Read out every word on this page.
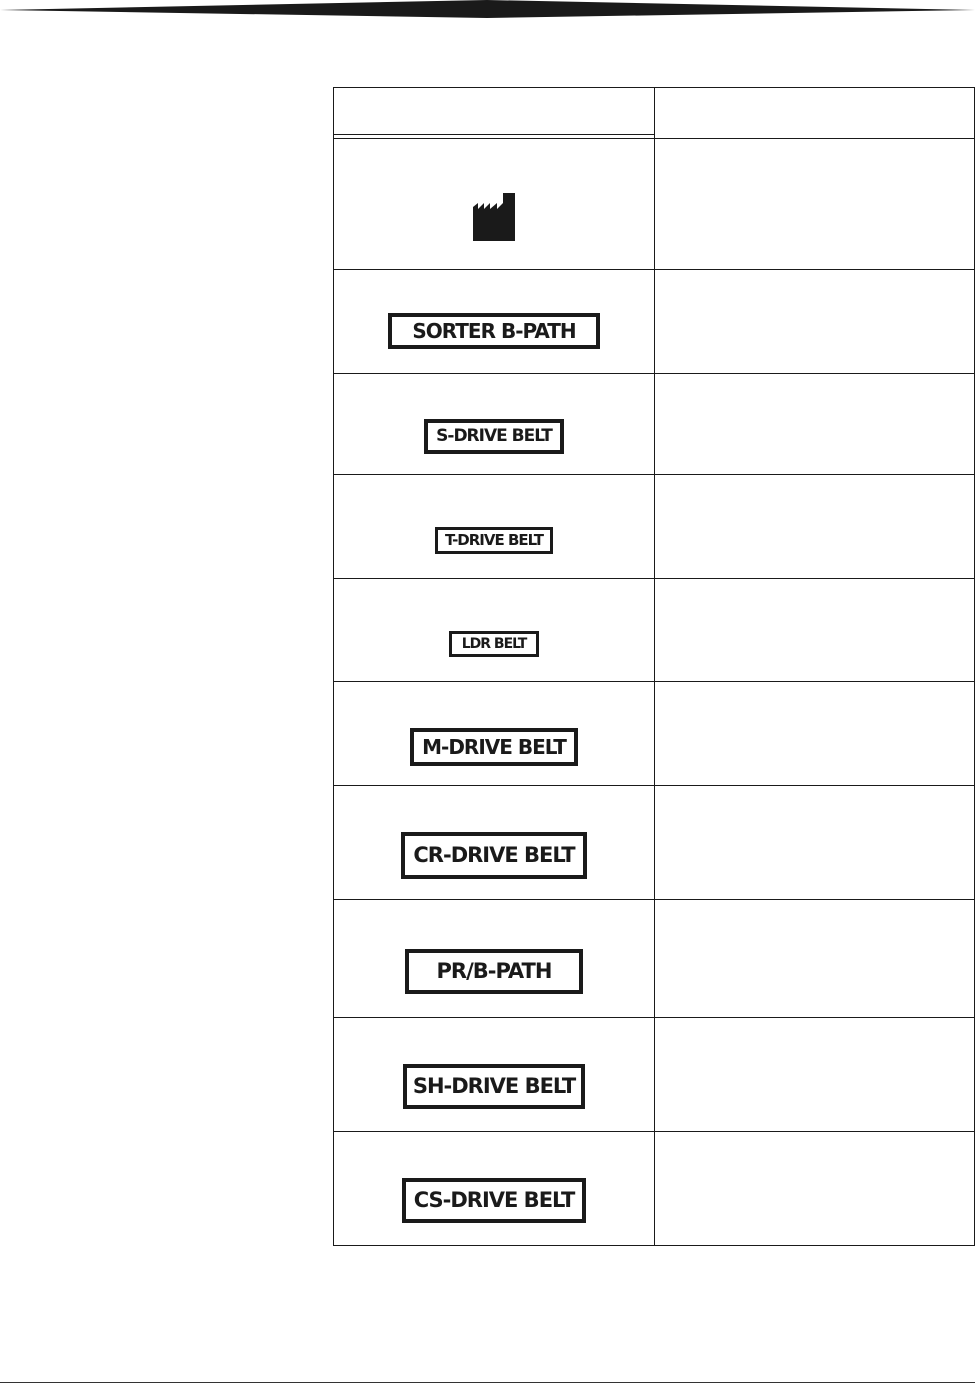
SORTER B-PATH	
S-DRIVE BELT	
T-DRIVE BELT	
LDR BELT	
M-DRIVE BELT	
CR-DRIVE BELT	
PR/B-PATH	
SH-DRIVE BELT	
CS-DRIVE BELT	
